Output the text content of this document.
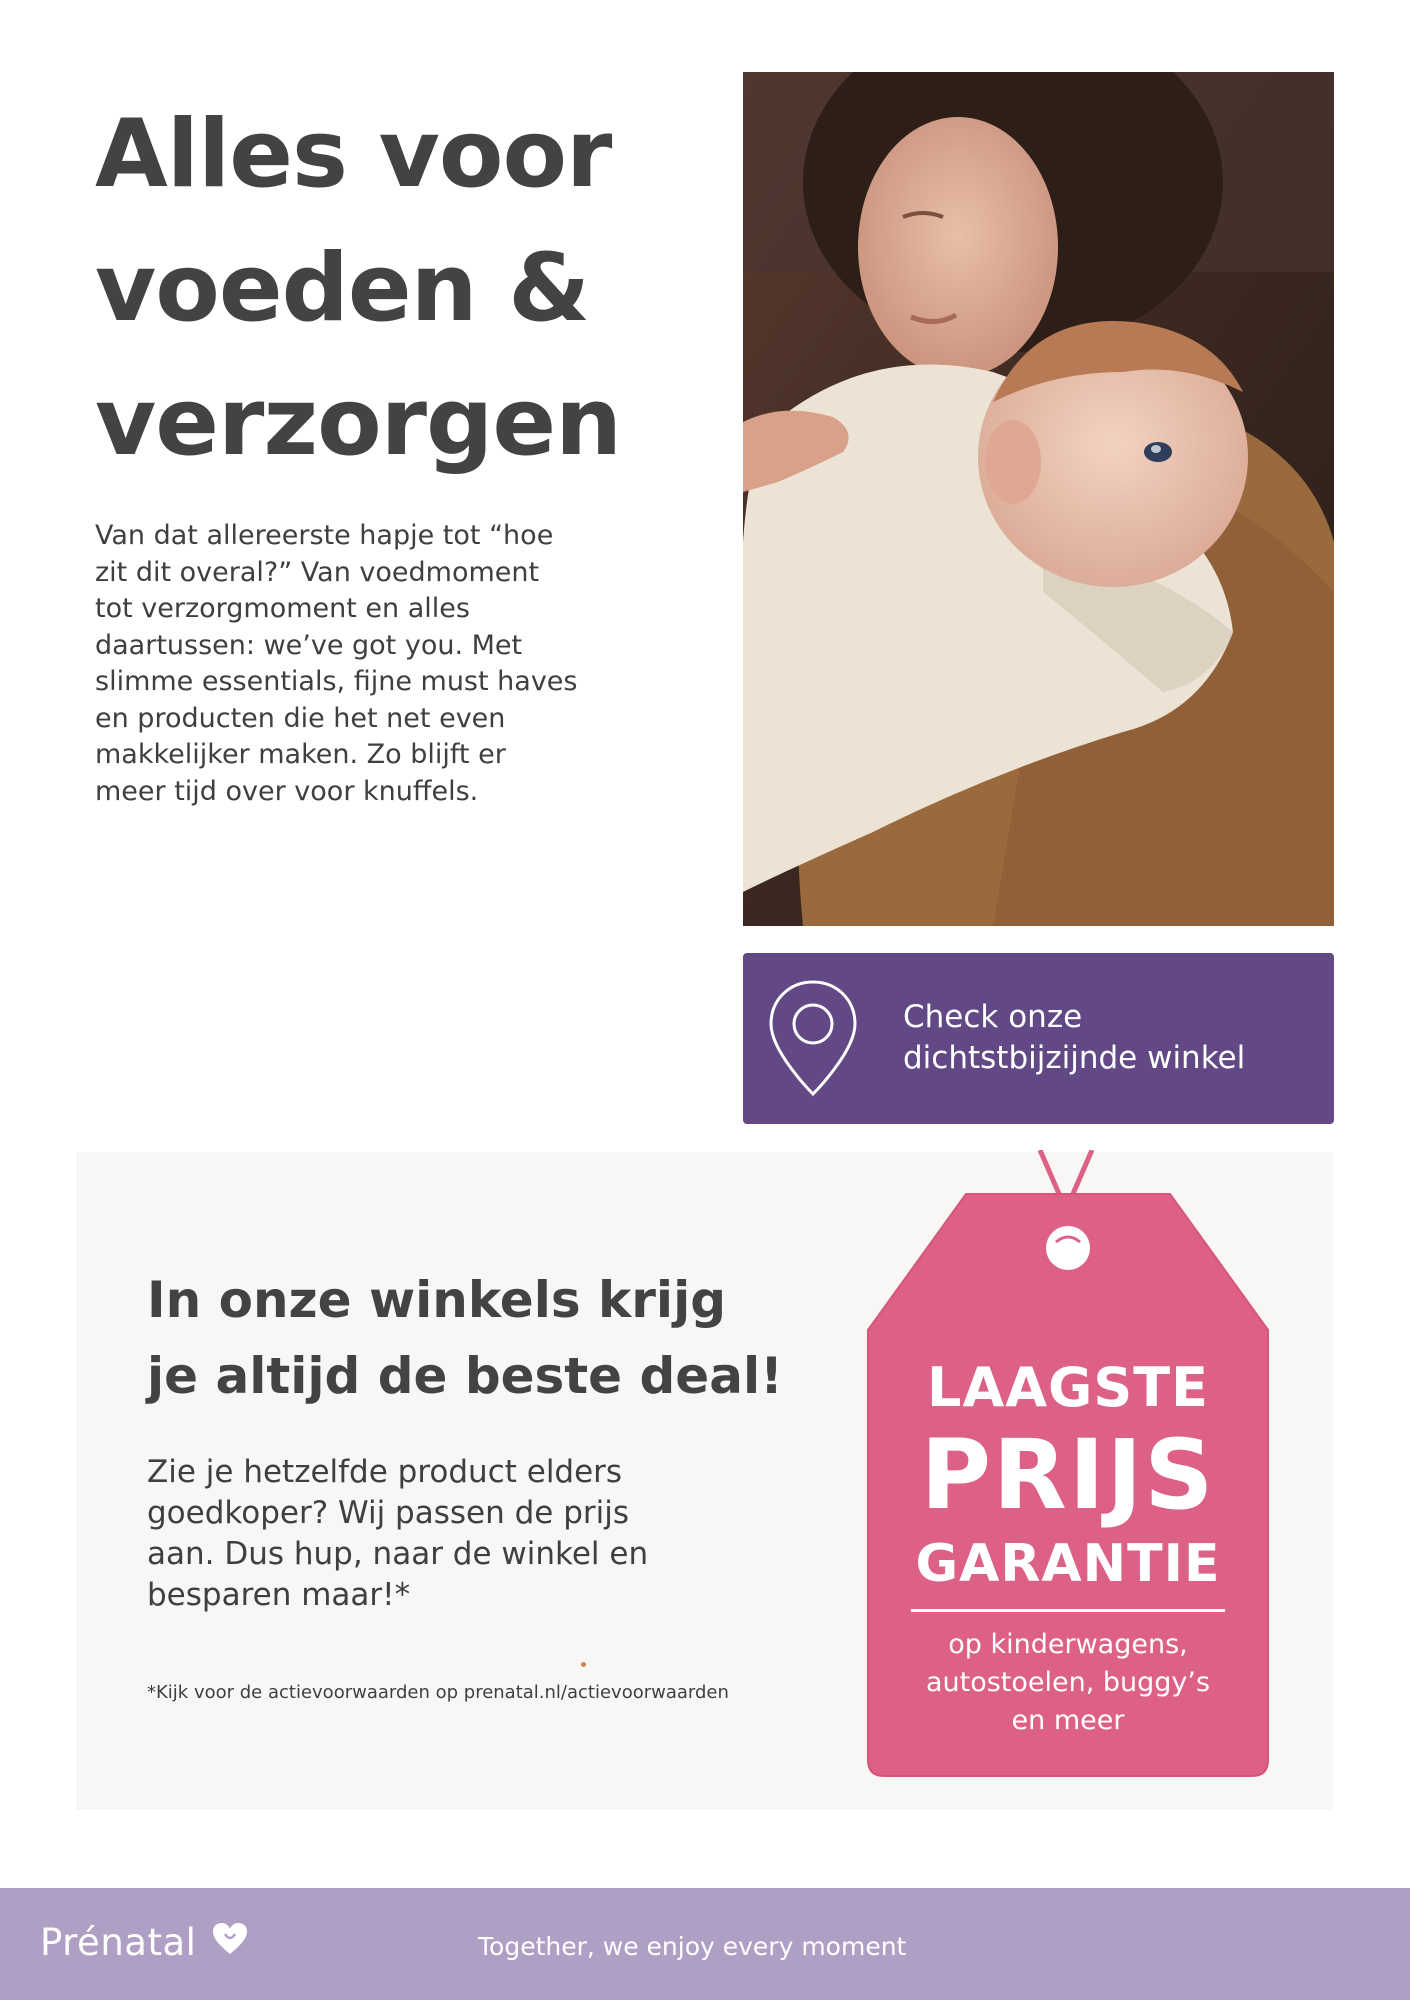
Alles voor
voeden &
verzorgen

Van dat allereerste hapje tot “hoe
zit dit overal?” Van voedmoment
tot verzorgmoment en alles
daartussen: we’ve got you. Met
slimme essentials, fijne must haves
en producten die het net even
makkelijker maken. Zo blijft er
meer tijd over voor knuffels.

Check onze
dichtstbijzijnde winkel
In onze winkels krijg
je altijd de beste deal!

Zie je hetzelfde product elders
goedkoper? Wij passen de prijs
aan. Dus hup, naar de winkel en
besparen maar!*

*Kijk voor de actievoorwaarden op prenatal.nl/actievoorwaarden
LAAGSTE
PRIJS
GARANTIE
op kinderwagens,
autostoelen, buggy’s
en meer
Prénatal	Together, we enjoy every moment
